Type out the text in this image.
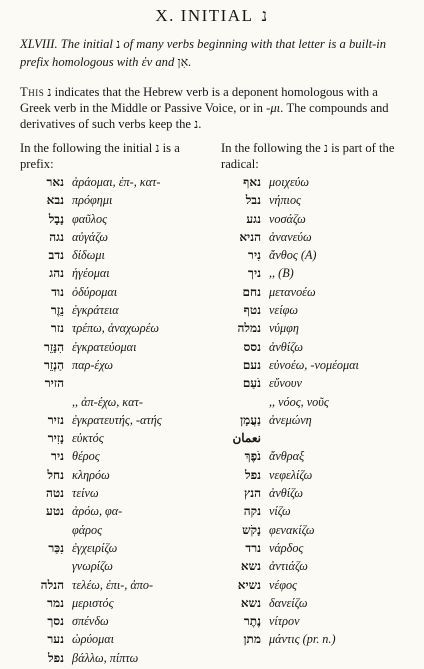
X. INITIAL נ
XLVIII. The initial נ of many verbs beginning with that letter is a built-in prefix homologous with ἐν and אִן.
This נ indicates that the Hebrew verb is a deponent homologous with a Greek verb in the Middle or Passive Voice, or in -μι. The compounds and derivatives of such verbs keep the נ.
In the following the initial נ is a prefix:
נאר ἀράομαι, ἐπ-, κατ-
נבא πρόφημι
נָבָל φαῦλος
נגה αὐγάζω
נדב δίδωμι
נהג ἡγέομαι
נוד ὀδύρομαι
נֵזֶר ἐγκράτεια
נזר τρέπω, ἀναχωρέω
הִנָּזֵר ἐγκρατεύομαι
הַנְזֵר παρ-έχω
הזיר
,, ἀπ-έχω, κατ-
נזיר ἐγκρατευτής, -ατής
נָזִיר εὐκτός
ניר θέρος
נחל κληρόω
נטה τείνω
נטע ἀρόω, φα-
φάρος
נִכַּר ἐγχειρίζω
γνωρίζω
הנלה τελέω, ἐπι-, ἀπο-
נמר μεριστός
נסך σπένδω
נער ὠρύομαι
נפל βάλλω, πίπτω
In the following the נ is part of the radical:
נאף μοιχεύω
נבל νήπιος
נגע νοσάζω
הניא ἀνανεύω
נִיר ἄνθος (A)
ניך ,, (B)
נחם μετανοέω
נטף νείφω
נמלה νύμφη
נסס ἀνθίζω
נעם εὐνοέω, -νομέομαι
נֹעַם εὔνουν
,, νόος, νοῦς
נַעֲמָן ἀνεμώνη
نعمان
נֹפֶךְ ἄνθραξ
נפל νεφελίζω
הנץ ἀνθίζω
נקה νίζω
נָקֹש φενακίζω
נרד νάρδος
נשא ἀντιάζω
נשיא νέφος
נשא δανείζω
נֶתֶר νίτρον
מתן μάντις (pr. n.)
